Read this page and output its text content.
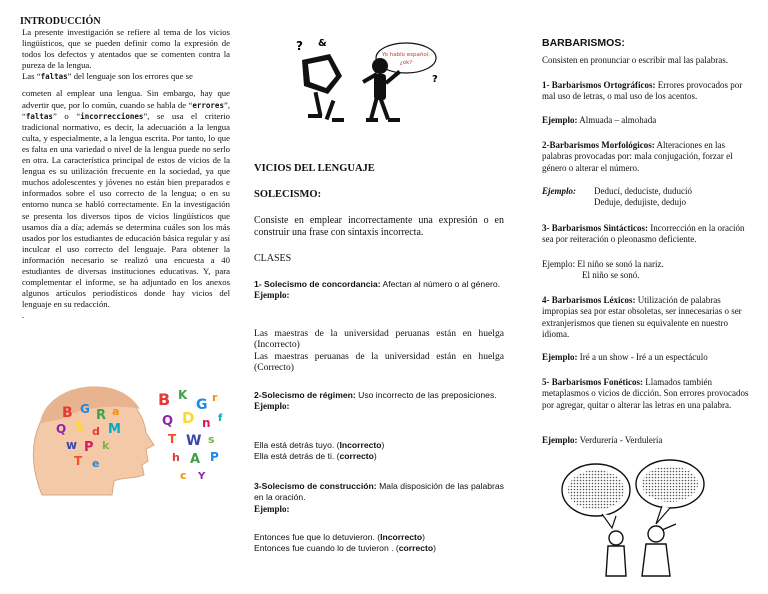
INTRODUCCIÓN

La presente investigación se refiere al tema de los vicios lingüísticos, que se pueden definir como la expresión de todos los defectos y atentados que se comenten contra la pureza de la lengua.

Las “faltas” del lenguaje son los errores que se

cometen al emplear una lengua. Sin embargo, hay que advertir que, por lo común, cuando se habla de “errores”, “faltas” o “incorrecciones”, se usa el criterio tradicional normativo, es decir, la adecuación a la lengua culta, y especialmente, a la lengua escrita. Por tanto, lo que es falta en una variedad o nivel de la lengua puede no serlo en otra. La característica principal de estos de vicios de la lengua es su utilización frecuente en la sociedad, ya que muchos adolescentes y jóvenes no están bien preparados e informados sobre el uso correcto de la lengua; o en su entorno nunca se habló correctamente. En la investigación se presenta los diversos tipos de vicios lingüísticos que usamos día a día; además se determina cuáles son los más usados por los estudiantes de educación básica regular y así inculcar el uso correcto del lenguaje. Para obtener la información necesario se realizó una encuesta a 40 estudiantes de diversas instituciones educativas. Y, para complementar el informe, se ha adjuntado en los anexos algunos artículos periodísticos donde hay vicios del lenguaje en su redacción.

.

B G R a
Q S d M
w P k
T e
B K
G r
Q D n f
T W s
h A P
c Y
Yo hablo español,
¿ok?
? &
?
VICIOS DEL LENGUAJE
SOLECISMO:
Consiste en emplear incorrectamente una expresión o en construir una frase con sintaxis incorrecta.
CLASES

1- Solecismo de concordancia: Afectan al número o al género.

Ejemplo:

Las maestras de la universidad peruanas están en huelga (Incorrecto)

Las maestras peruanas de la universidad están en huelga (Correcto)

2-Solecismo de régimen: Uso incorrecto de las preposiciones.

Ejemplo:

Ella está detrás tuyo. (Incorrecto)

Ella está detrás de ti. (correcto)

3-Solecismo de construcción: Mala disposición de las palabras en la oración.

Ejemplo:

Entonces fue que lo detuvieron. (Incorrecto)

Entonces fue cuando lo de tuvieron . (correcto)

BARBARISMOS:
Consisten en pronunciar o escribir mal las palabras.

1- Barbarismos Ortográficos: Errores provocados por mal uso de letras, o mal uso de los acentos.

Ejemplo: Almuada – almohada

2-Barbarismos Morfológicos: Alteraciones en las palabras provocadas por: mala conjugación, forzar el género o alterar el número.

Ejemplo:	Deducí, deduciste, duducíó
Deduje, dedujiste, dedujo

3- Barbarismos Sintácticos: Incorrección en la oración sea por reiteración o pleonasmo deficiente.

Ejemplo: El niño se sonó la nariz.

El niño se sonó.

4- Barbarismos Léxicos: Utilización de palabras impropias sea por estar obsoletas, ser innecesarias o ser extranjerismos que tienen su equivalente en nuestro idioma.

Ejemplo: Iré a un show - Iré a un espectáculo

5- Barbarismos Fonéticos: Llamados también metaplasmos o vicios de dicción. Son errores provocados por agregar, quitar o alterar las letras en una palabra.

Ejemplo: Verdurería - Verdulería
